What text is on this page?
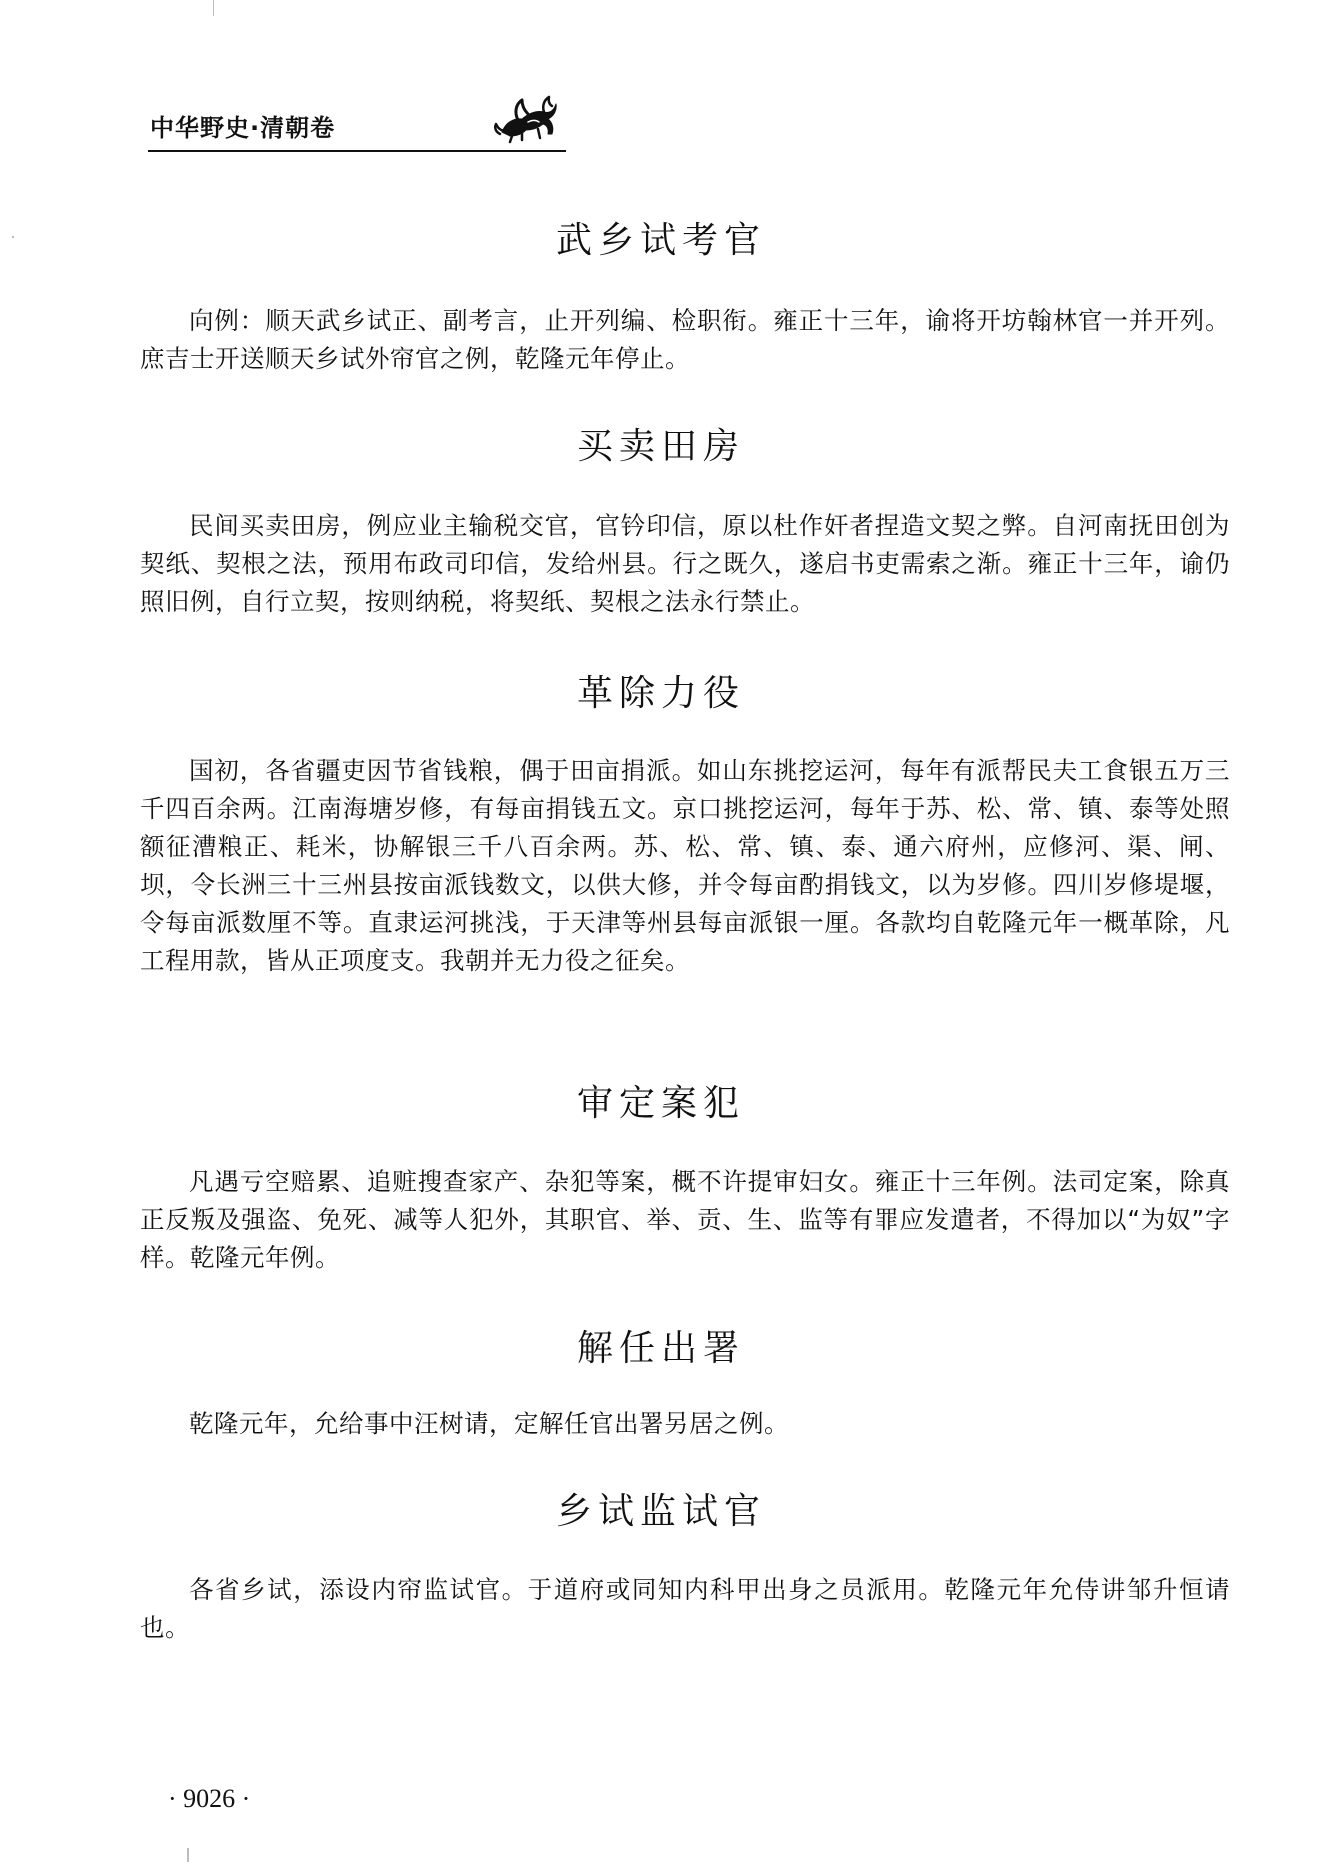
中华野史·清朝卷
武乡试考官

向例：顺天武乡试正、副考言，止开列编、检职衔。雍正十三年，谕将开坊翰林官一并开列。庶吉士开送顺天乡试外帘官之例，乾隆元年停止。

买卖田房

民间买卖田房，例应业主输税交官，官钤印信，原以杜作奸者捏造文契之弊。自河南抚田创为契纸、契根之法，预用布政司印信，发给州县。行之既久，遂启书吏需索之渐。雍正十三年，谕仍照旧例，自行立契，按则纳税，将契纸、契根之法永行禁止。

革除力役

国初，各省疆吏因节省钱粮，偶于田亩捐派。如山东挑挖运河，每年有派帮民夫工食银五万三千四百余两。江南海塘岁修，有每亩捐钱五文。京口挑挖运河，每年于苏、松、常、镇、泰等处照额征漕粮正、耗米，协解银三千八百余两。苏、松、常、镇、泰、通六府州，应修河、渠、闸、坝，令长洲三十三州县按亩派钱数文，以供大修，并令每亩酌捐钱文，以为岁修。四川岁修堤堰，令每亩派数厘不等。直隶运河挑浅，于天津等州县每亩派银一厘。各款均自乾隆元年一概革除，凡工程用款，皆从正项度支。我朝并无力役之征矣。

审定案犯

凡遇亏空赔累、追赃搜查家产、杂犯等案，概不许提审妇女。雍正十三年例。法司定案，除真正反叛及强盗、免死、减等人犯外，其职官、举、贡、生、监等有罪应发遣者，不得加以“为奴”字样。乾隆元年例。

解任出署

乾隆元年，允给事中汪树请，定解任官出署另居之例。

乡试监试官

各省乡试，添设内帘监试官。于道府或同知内科甲出身之员派用。乾隆元年允侍讲邹升恒请也。

· 9026 ·
